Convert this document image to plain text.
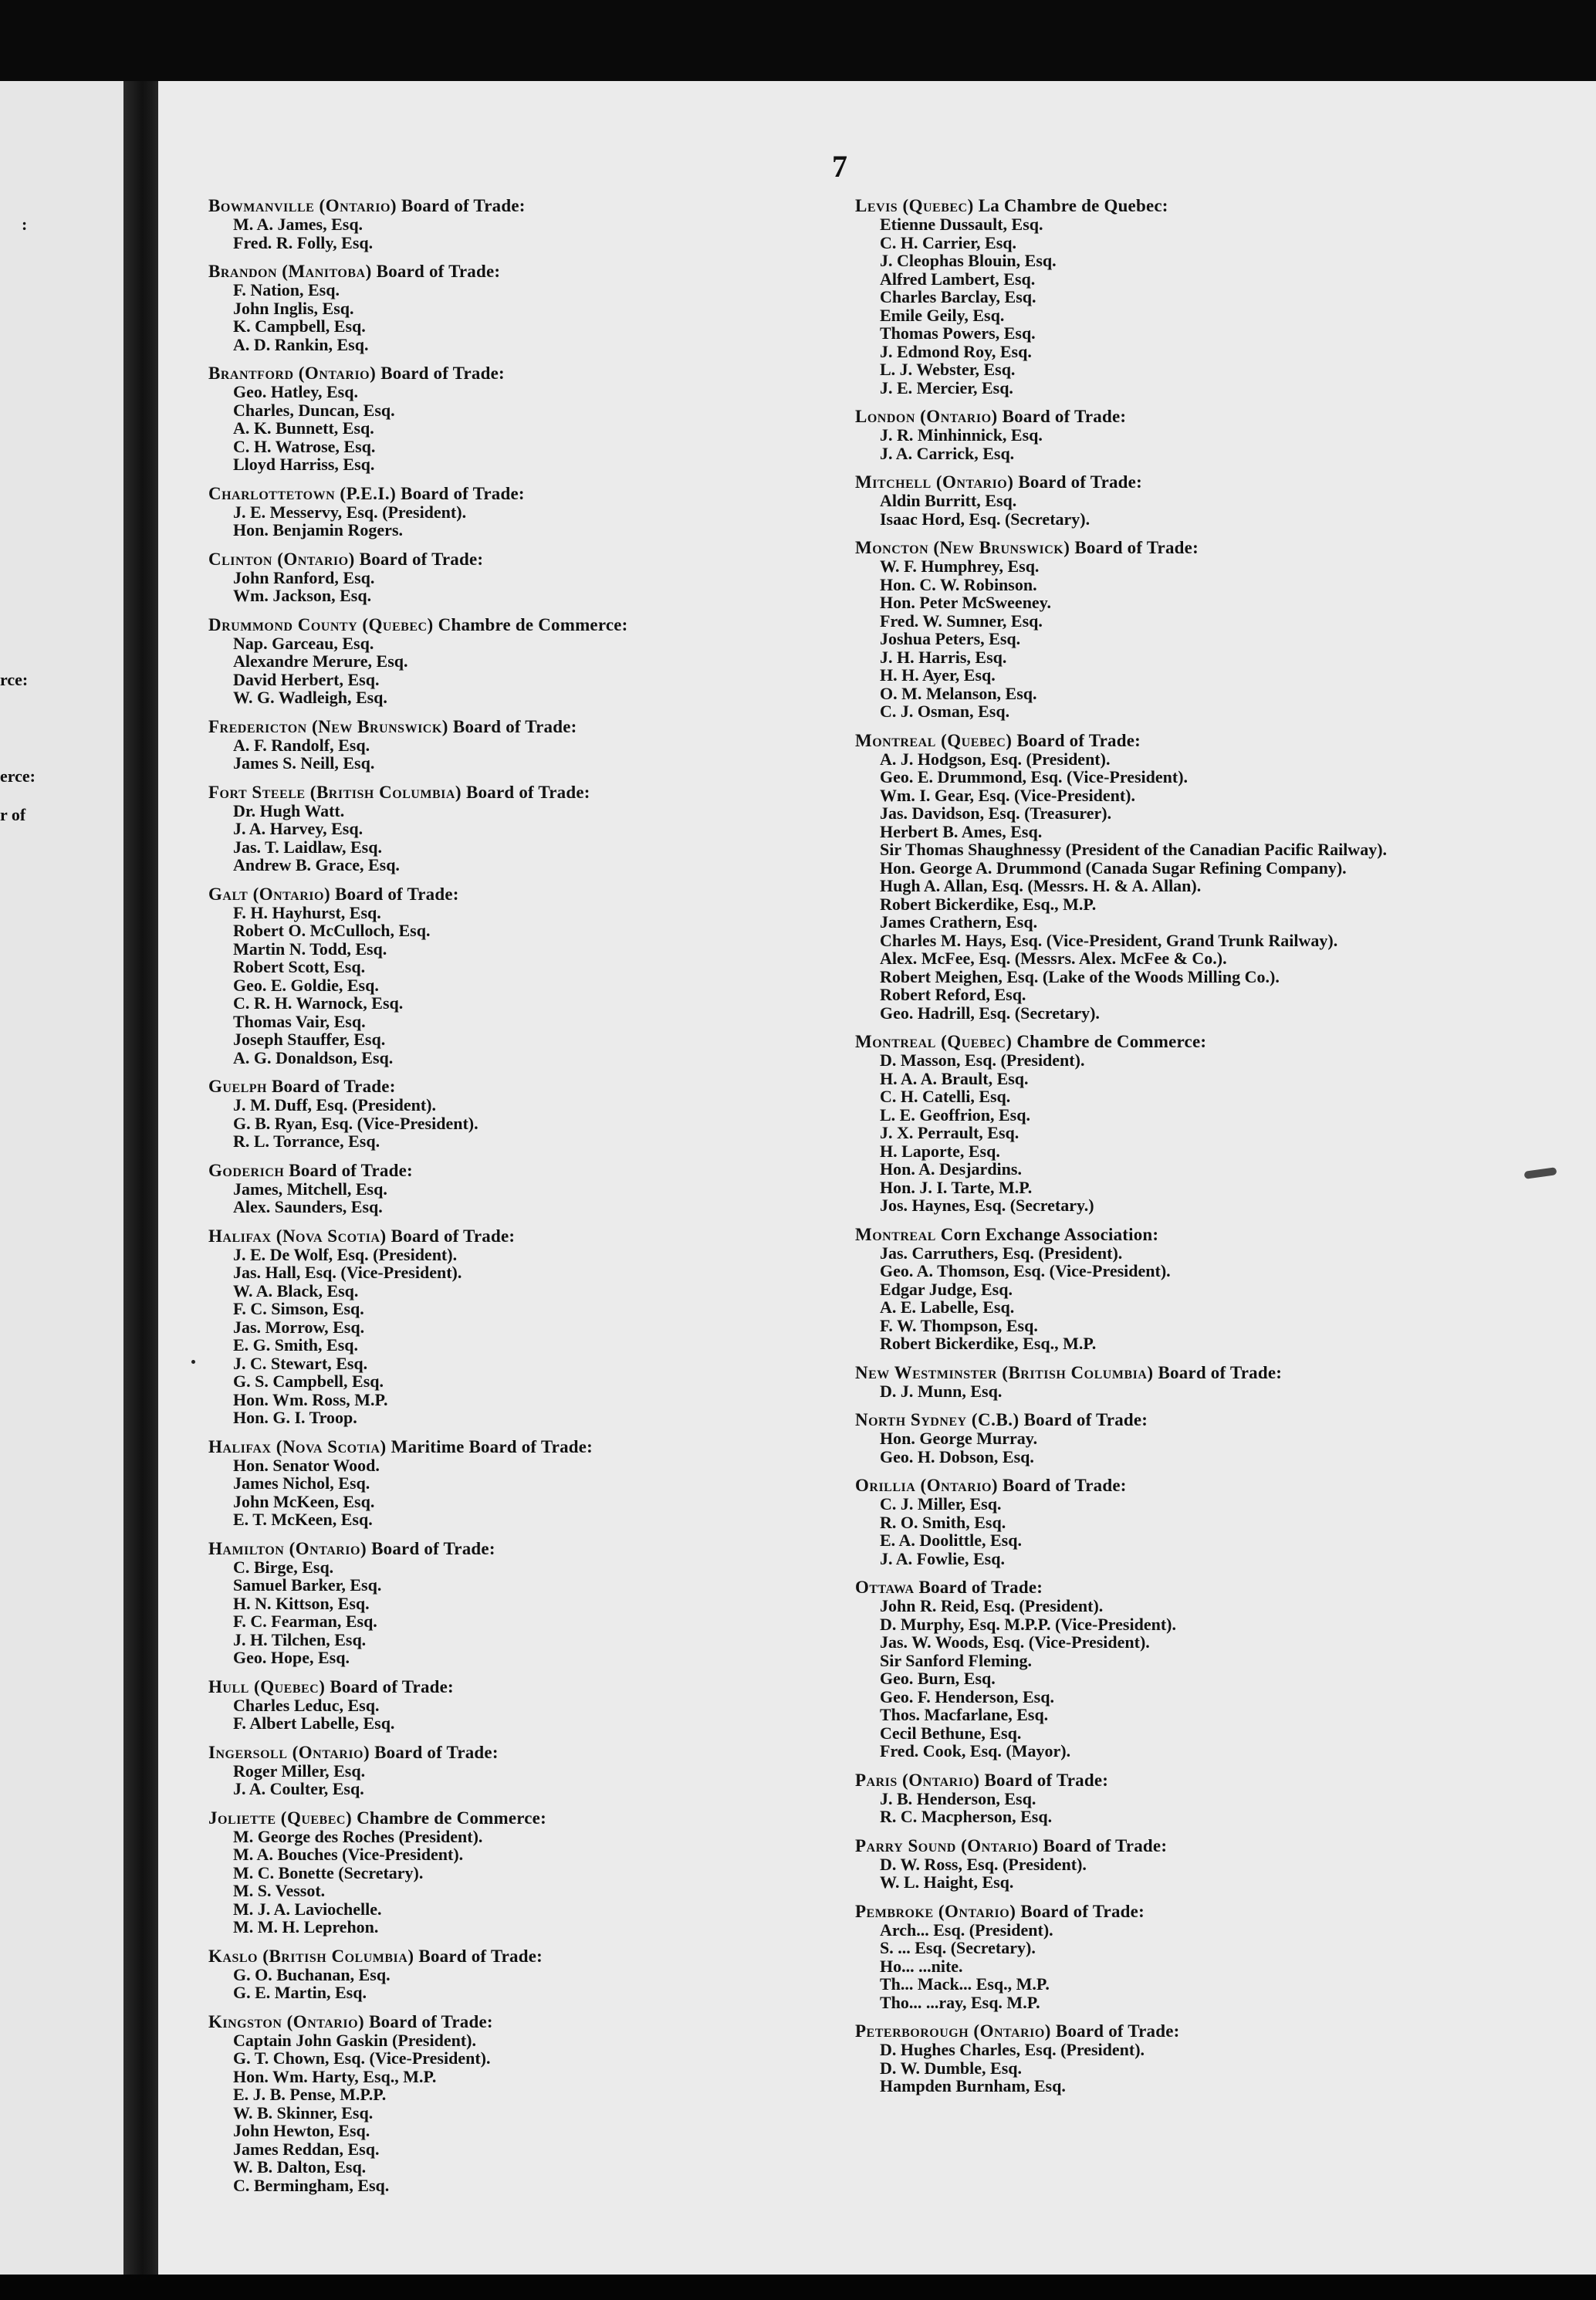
:
rce:
erce:
r of
7
Bowmanville (Ontario) Board of Trade:
M. A. James, Esq.
Fred. R. Folly, Esq.
Brandon (Manitoba) Board of Trade:
F. Nation, Esq.
John Inglis, Esq.
K. Campbell, Esq.
A. D. Rankin, Esq.
Brantford (Ontario) Board of Trade:
Geo. Hatley, Esq.
Charles, Duncan, Esq.
A. K. Bunnett, Esq.
C. H. Watrose, Esq.
Lloyd Harriss, Esq.
Charlottetown (P.E.I.) Board of Trade:
J. E. Messervy, Esq. (President).
Hon. Benjamin Rogers.
Clinton (Ontario) Board of Trade:
John Ranford, Esq.
Wm. Jackson, Esq.
Drummond County (Quebec) Chambre de Commerce:
Nap. Garceau, Esq.
Alexandre Merure, Esq.
David Herbert, Esq.
W. G. Wadleigh, Esq.
Fredericton (New Brunswick) Board of Trade:
A. F. Randolf, Esq.
James S. Neill, Esq.
Fort Steele (British Columbia) Board of Trade:
Dr. Hugh Watt.
J. A. Harvey, Esq.
Jas. T. Laidlaw, Esq.
Andrew B. Grace, Esq.
Galt (Ontario) Board of Trade:
F. H. Hayhurst, Esq.
Robert O. McCulloch, Esq.
Martin N. Todd, Esq.
Robert Scott, Esq.
Geo. E. Goldie, Esq.
C. R. H. Warnock, Esq.
Thomas Vair, Esq.
Joseph Stauffer, Esq.
A. G. Donaldson, Esq.
Guelph Board of Trade:
J. M. Duff, Esq. (President).
G. B. Ryan, Esq. (Vice-President).
R. L. Torrance, Esq.
Goderich Board of Trade:
James, Mitchell, Esq.
Alex. Saunders, Esq.
Halifax (Nova Scotia) Board of Trade:
J. E. De Wolf, Esq. (President).
Jas. Hall, Esq. (Vice-President).
W. A. Black, Esq.
F. C. Simson, Esq.
Jas. Morrow, Esq.
E. G. Smith, Esq.
J. C. Stewart, Esq.
G. S. Campbell, Esq.
Hon. Wm. Ross, M.P.
Hon. G. I. Troop.
Halifax (Nova Scotia) Maritime Board of Trade:
Hon. Senator Wood.
James Nichol, Esq.
John McKeen, Esq.
E. T. McKeen, Esq.
Hamilton (Ontario) Board of Trade:
C. Birge, Esq.
Samuel Barker, Esq.
H. N. Kittson, Esq.
F. C. Fearman, Esq.
J. H. Tilchen, Esq.
Geo. Hope, Esq.
Hull (Quebec) Board of Trade:
Charles Leduc, Esq.
F. Albert Labelle, Esq.
Ingersoll (Ontario) Board of Trade:
Roger Miller, Esq.
J. A. Coulter, Esq.
Joliette (Quebec) Chambre de Commerce:
M. George des Roches (President).
M. A. Bouches (Vice-President).
M. C. Bonette (Secretary).
M. S. Vessot.
M. J. A. Laviochelle.
M. M. H. Leprehon.
Kaslo (British Columbia) Board of Trade:
G. O. Buchanan, Esq.
G. E. Martin, Esq.
Kingston (Ontario) Board of Trade:
Captain John Gaskin (President).
G. T. Chown, Esq. (Vice-President).
Hon. Wm. Harty, Esq., M.P.
E. J. B. Pense, M.P.P.
W. B. Skinner, Esq.
John Hewton, Esq.
James Reddan, Esq.
W. B. Dalton, Esq.
C. Bermingham, Esq.
Levis (Quebec) La Chambre de Quebec:
Etienne Dussault, Esq.
C. H. Carrier, Esq.
J. Cleophas Blouin, Esq.
Alfred Lambert, Esq.
Charles Barclay, Esq.
Emile Geily, Esq.
Thomas Powers, Esq.
J. Edmond Roy, Esq.
L. J. Webster, Esq.
J. E. Mercier, Esq.
London (Ontario) Board of Trade:
J. R. Minhinnick, Esq.
J. A. Carrick, Esq.
Mitchell (Ontario) Board of Trade:
Aldin Burritt, Esq.
Isaac Hord, Esq. (Secretary).
Moncton (New Brunswick) Board of Trade:
W. F. Humphrey, Esq.
Hon. C. W. Robinson.
Hon. Peter McSweeney.
Fred. W. Sumner, Esq.
Joshua Peters, Esq.
J. H. Harris, Esq.
H. H. Ayer, Esq.
O. M. Melanson, Esq.
C. J. Osman, Esq.
Montreal (Quebec) Board of Trade:
A. J. Hodgson, Esq. (President).
Geo. E. Drummond, Esq. (Vice-President).
Wm. I. Gear, Esq. (Vice-President).
Jas. Davidson, Esq. (Treasurer).
Herbert B. Ames, Esq.
Sir Thomas Shaughnessy (President of the Canadian Pacific Railway).
Hon. George A. Drummond (Canada Sugar Refining Company).
Hugh A. Allan, Esq. (Messrs. H. & A. Allan).
Robert Bickerdike, Esq., M.P.
James Crathern, Esq.
Charles M. Hays, Esq. (Vice-President, Grand Trunk Railway).
Alex. McFee, Esq. (Messrs. Alex. McFee & Co.).
Robert Meighen, Esq. (Lake of the Woods Milling Co.).
Robert Reford, Esq.
Geo. Hadrill, Esq. (Secretary).
Montreal (Quebec) Chambre de Commerce:
D. Masson, Esq. (President).
H. A. A. Brault, Esq.
C. H. Catelli, Esq.
L. E. Geoffrion, Esq.
J. X. Perrault, Esq.
H. Laporte, Esq.
Hon. A. Desjardins.
Hon. J. I. Tarte, M.P.
Jos. Haynes, Esq. (Secretary.)
Montreal Corn Exchange Association:
Jas. Carruthers, Esq. (President).
Geo. A. Thomson, Esq. (Vice-President).
Edgar Judge, Esq.
A. E. Labelle, Esq.
F. W. Thompson, Esq.
Robert Bickerdike, Esq., M.P.
New Westminster (British Columbia) Board of Trade:
D. J. Munn, Esq.
North Sydney (C.B.) Board of Trade:
Hon. George Murray.
Geo. H. Dobson, Esq.
Orillia (Ontario) Board of Trade:
C. J. Miller, Esq.
R. O. Smith, Esq.
E. A. Doolittle, Esq.
J. A. Fowlie, Esq.
Ottawa Board of Trade:
John R. Reid, Esq. (President).
D. Murphy, Esq. M.P.P. (Vice-President).
Jas. W. Woods, Esq. (Vice-President).
Sir Sanford Fleming.
Geo. Burn, Esq.
Geo. F. Henderson, Esq.
Thos. Macfarlane, Esq.
Cecil Bethune, Esq.
Fred. Cook, Esq. (Mayor).
Paris (Ontario) Board of Trade:
J. B. Henderson, Esq.
R. C. Macpherson, Esq.
Parry Sound (Ontario) Board of Trade:
D. W. Ross, Esq. (President).
W. L. Haight, Esq.
Pembroke (Ontario) Board of Trade:
Arch... Esq. (President).
S. ... Esq. (Secretary).
Ho... ...nite.
Th... Mack... Esq., M.P.
Tho... ...ray, Esq. M.P.
Peterborough (Ontario) Board of Trade:
D. Hughes Charles, Esq. (President).
D. W. Dumble, Esq.
Hampden Burnham, Esq.
